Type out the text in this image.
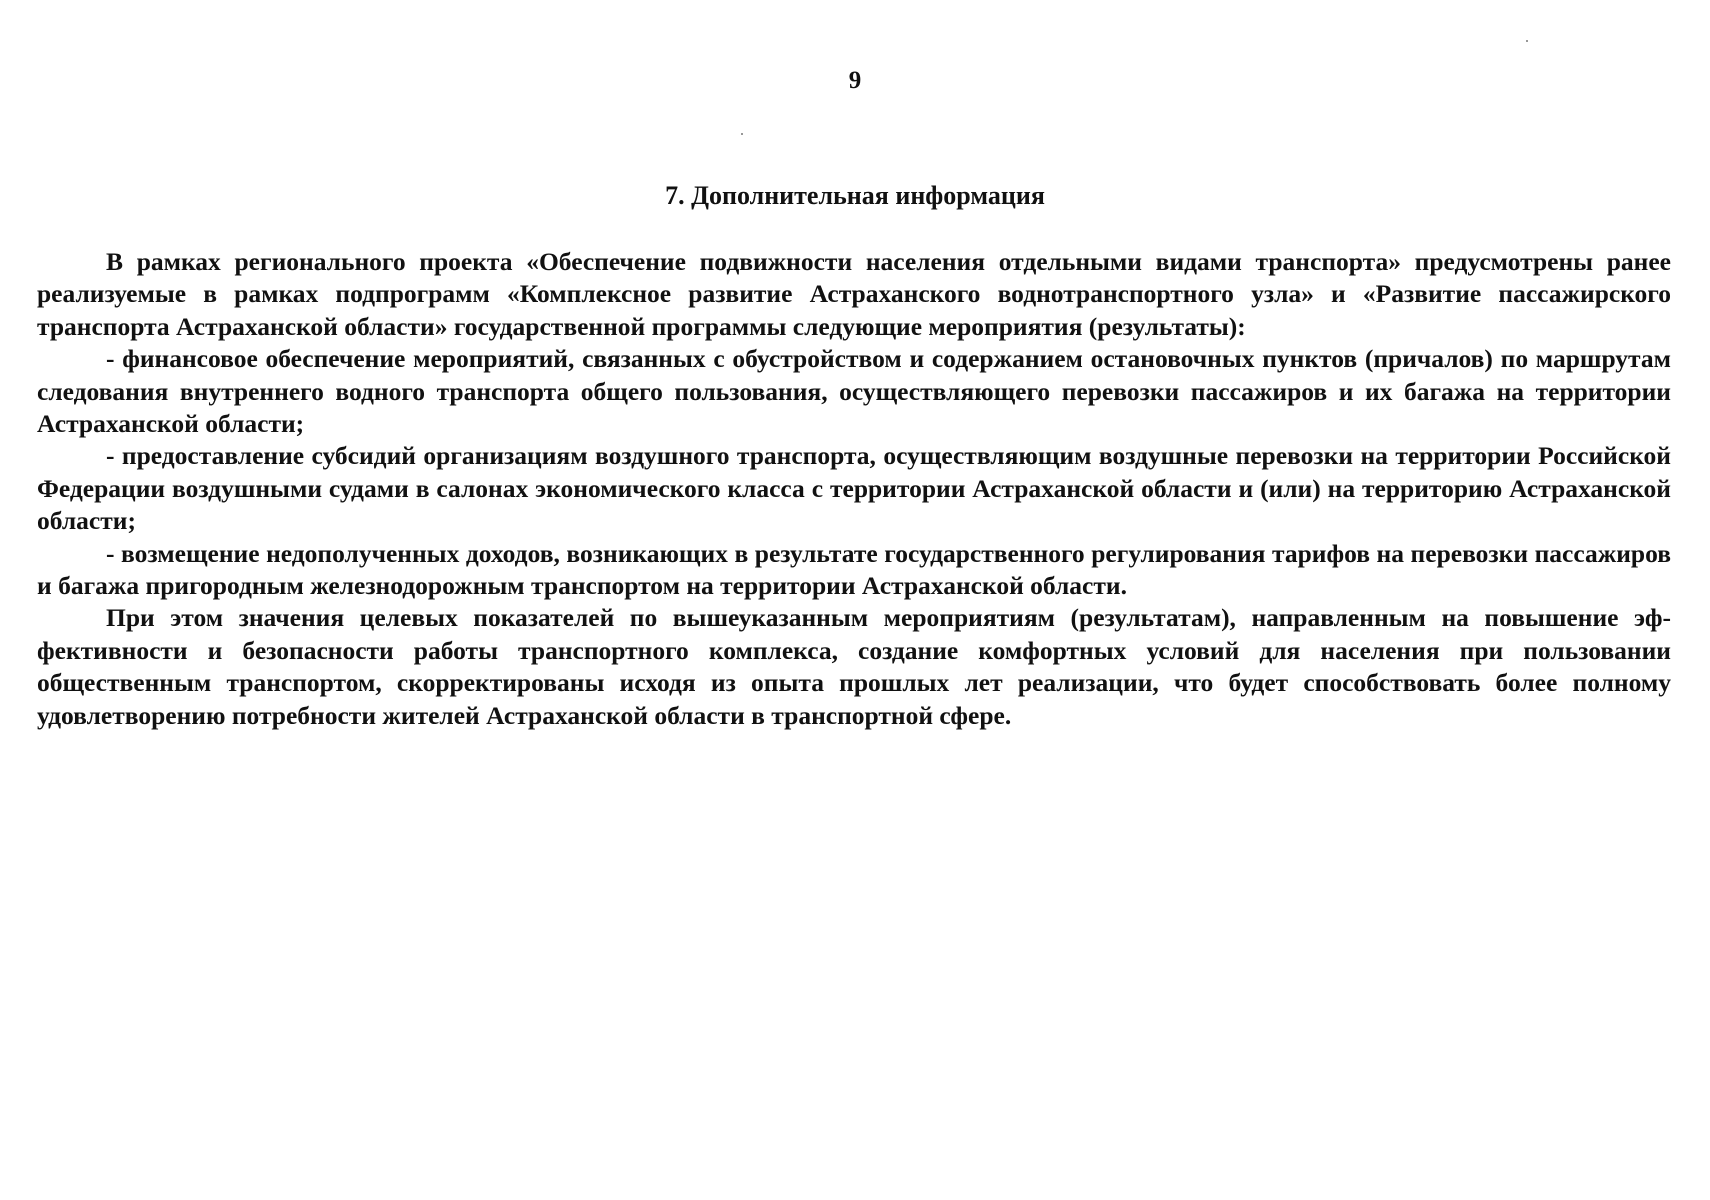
9
7. Дополнительная информация

В рамках регионального проекта «Обеспечение подвижности населения отдельными видами транспорта» предусмотрены ранее реализуемые в рамках подпрограмм «Комплексное развитие Астраханского воднотранспортного узла» и «Развитие пассажирского транспорта Астраханской области» государственной программы следующие мероприятия (результаты):

- финансовое обеспечение мероприятий, связанных с обустройством и содержанием остановочных пунктов (причалов) по маршрутам следования внутреннего водного транспорта общего пользования, осуществляющего перевозки пассажиров и их багажа на территории Астраханской области;

- предоставление субсидий организациям воздушного транспорта, осуществляющим воздушные перевозки на территории Российской Федерации воздушными судами в салонах экономического класса с территории Астраханской области и (или) на территорию Астраханской области;

- возмещение недополученных доходов, возникающих в результате государственного регулирования тарифов на перевозки пассажиров и багажа пригородным железнодорожным транспортом на территории Астраханской области.

При этом значения целевых показателей по вышеуказанным мероприятиям (результатам), направленным на повышение эффективности и безопасности работы транспортного комплекса, создание комфортных условий для населения при пользовании общественным транспортом, скорректированы исходя из опыта прошлых лет реализации, что будет способствовать более полному удовлетворению потребности жителей Астраханской области в транспортной сфере.
